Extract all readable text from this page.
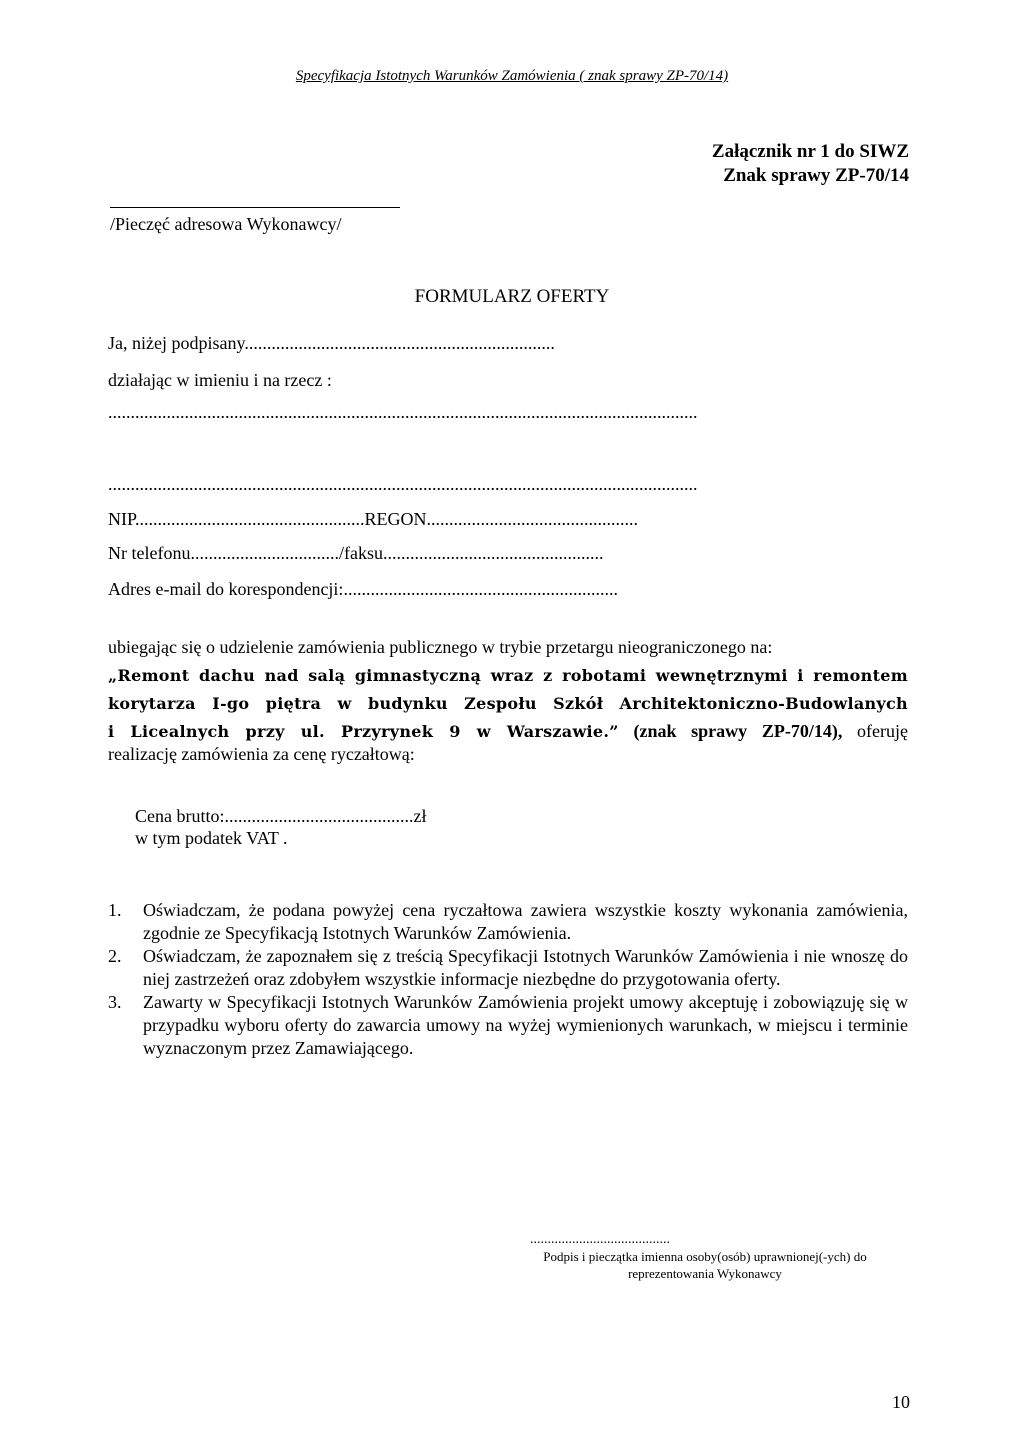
Specyfikacja Istotnych Warunków Zamówienia ( znak sprawy ZP-70/14)
Załącznik nr 1 do SIWZ
Znak sprawy ZP-70/14
/Pieczęć adresowa Wykonawcy/
FORMULARZ OFERTY
Ja, niżej podpisany.....................................................................
działając w imieniu i na rzecz :
...................................................................................................................................
...................................................................................................................................
NIP...................................................REGON...............................................
Nr telefonu................................./faksu.................................................
Adres e-mail do korespondencji:.............................................................
ubiegając się o udzielenie zamówienia publicznego w trybie przetargu nieograniczonego na:
„Remont dachu nad salą gimnastyczną wraz z robotami wewnętrznymi i remontem
korytarza I-go piętra w budynku Zespołu Szkół Architektoniczno-Budowlanych
i Licealnych przy ul. Przyrynek 9 w Warszawie.” (znak sprawy ZP-70/14), oferuję
realizację zamówienia za cenę ryczałtową:
Cena brutto:..........................................zł
w tym podatek VAT .
1. Oświadczam, że podana powyżej cena ryczałtowa zawiera wszystkie koszty wykonania zamówienia, zgodnie ze Specyfikacją Istotnych Warunków Zamówienia.
2. Oświadczam, że zapoznałem się z treścią Specyfikacji Istotnych Warunków Zamówienia i nie wnoszę do niej zastrzeżeń oraz zdobyłem wszystkie informacje niezbędne do przygotowania oferty.
3. Zawarty w Specyfikacji Istotnych Warunków Zamówienia projekt umowy akceptuję i zobowiązuję się w przypadku wyboru oferty do zawarcia umowy na wyżej wymienionych warunkach, w miejscu i terminie wyznaczonym przez Zamawiającego.
........................................
Podpis i pieczątka imienna osoby(osób) uprawnionej(-ych) do reprezentowania Wykonawcy
10
